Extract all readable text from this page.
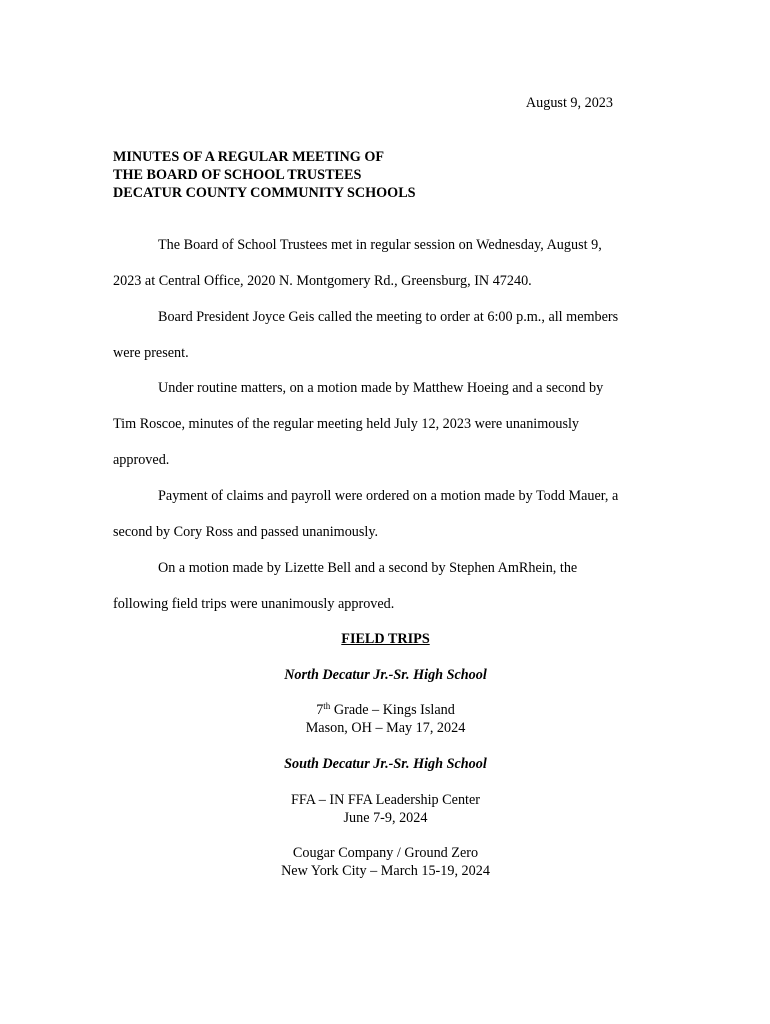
August 9, 2023
MINUTES OF A REGULAR MEETING OF
THE BOARD OF SCHOOL TRUSTEES
DECATUR COUNTY COMMUNITY SCHOOLS
The Board of School Trustees met in regular session on Wednesday, August 9,
2023 at Central Office, 2020 N. Montgomery Rd., Greensburg, IN 47240.
Board President Joyce Geis called the meeting to order at 6:00 p.m., all members
were present.
Under routine matters, on a motion made by Matthew Hoeing and a second by
Tim Roscoe, minutes of the regular meeting held July 12, 2023 were unanimously
approved.
Payment of claims and payroll were ordered on a motion made by Todd Mauer, a
second by Cory Ross and passed unanimously.
On a motion made by Lizette Bell and a second by Stephen AmRhein, the
following field trips were unanimously approved.
FIELD TRIPS
North Decatur Jr.-Sr. High School
7th Grade – Kings Island
Mason, OH – May 17, 2024
South Decatur Jr.-Sr. High School
FFA – IN FFA Leadership Center
June 7-9, 2024
Cougar Company / Ground Zero
New York City – March 15-19, 2024
